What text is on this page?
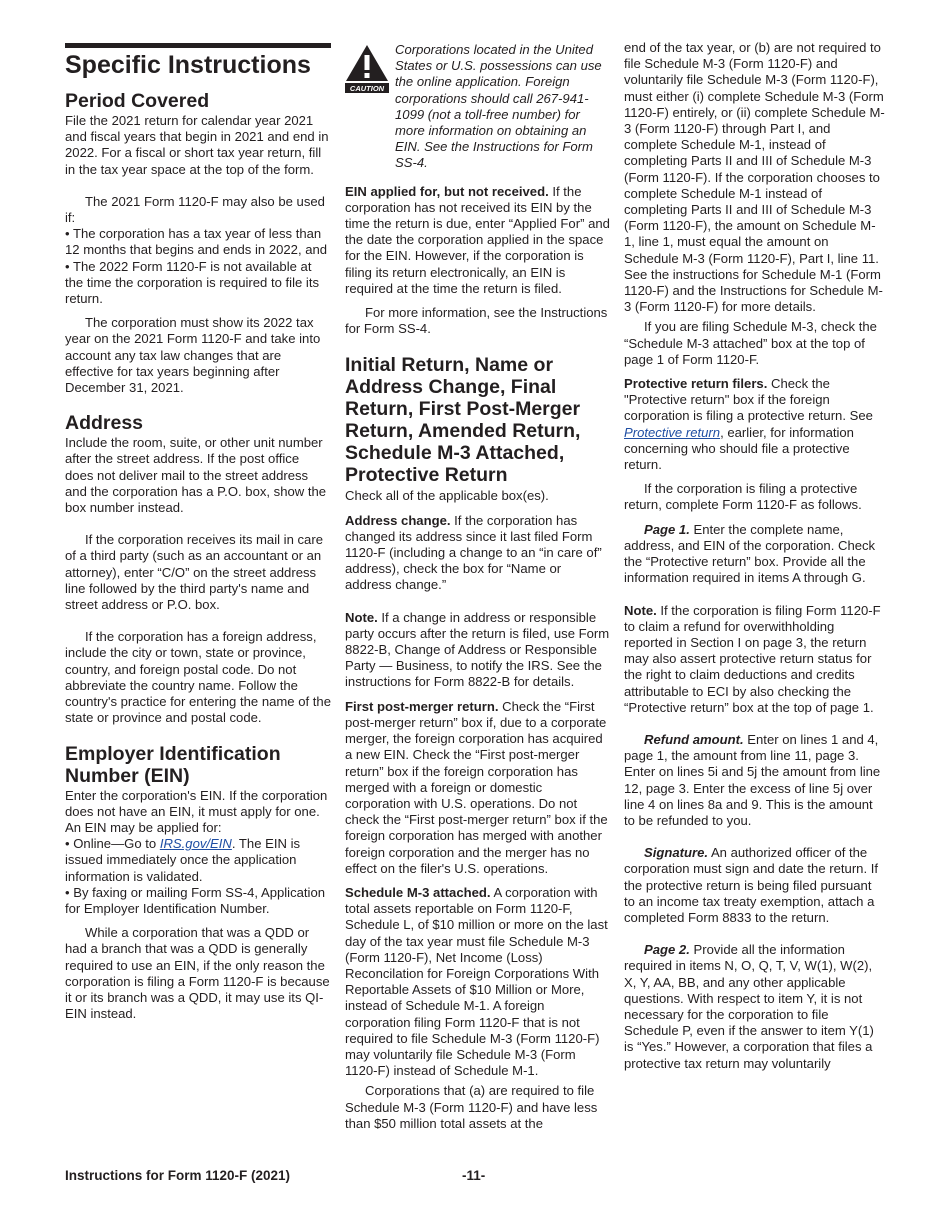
Specific Instructions
Period Covered

File the 2021 return for calendar year 2021 and fiscal years that begin in 2021 and end in 2022. For a fiscal or short tax year return, fill in the tax year space at the top of the form.

The 2021 Form 1120-F may also be used if:

• The corporation has a tax year of less than 12 months that begins and ends in 2022, and

• The 2022 Form 1120-F is not available at the time the corporation is required to file its return.

The corporation must show its 2022 tax year on the 2021 Form 1120-F and take into account any tax law changes that are effective for tax years beginning after December 31, 2021.

Address

Include the room, suite, or other unit number after the street address. If the post office does not deliver mail to the street address and the corporation has a P.O. box, show the box number instead.

If the corporation receives its mail in care of a third party (such as an accountant or an attorney), enter “C/O” on the street address line followed by the third party's name and street address or P.O. box.

If the corporation has a foreign address, include the city or town, state or province, country, and foreign postal code. Do not abbreviate the country name. Follow the country's practice for entering the name of the state or province and postal code.

Employer Identification Number (EIN)

Enter the corporation's EIN. If the corporation does not have an EIN, it must apply for one. An EIN may be applied for:

• Online—Go to IRS.gov/EIN. The EIN is issued immediately once the application information is validated.

• By faxing or mailing Form SS-4, Application for Employer Identification Number.

While a corporation that was a QDD or had a branch that was a QDD is generally required to use an EIN, if the only reason the corporation is filing a Form 1120-F is because it or its branch was a QDD, it may use its QI-EIN instead.

CAUTION
Corporations located in the United States or U.S. possessions can use the online application. Foreign corporations should call 267-941-1099 (not a toll-free number) for more information on obtaining an EIN. See the Instructions for Form SS-4.

EIN applied for, but not received. If the corporation has not received its EIN by the time the return is due, enter “Applied For” and the date the corporation applied in the space for the EIN. However, if the corporation is filing its return electronically, an EIN is required at the time the return is filed.

For more information, see the Instructions for Form SS-4.

Initial Return, Name or Address Change, Final Return, First Post-Merger Return, Amended Return, Schedule M-3 Attached, Protective Return

Check all of the applicable box(es).

Address change. If the corporation has changed its address since it last filed Form 1120-F (including a change to an “in care of” address), check the box for “Name or address change.”

Note. If a change in address or responsible party occurs after the return is filed, use Form 8822-B, Change of Address or Responsible Party — Business, to notify the IRS. See the instructions for Form 8822-B for details.

First post-merger return. Check the “First post-merger return” box if, due to a corporate merger, the foreign corporation has acquired a new EIN. Check the “First post-merger return” box if the foreign corporation has merged with a foreign or domestic corporation with U.S. operations. Do not check the “First post-merger return” box if the foreign corporation has merged with another foreign corporation and the merger has no effect on the filer's U.S. operations.

Schedule M-3 attached. A corporation with total assets reportable on Form 1120-F, Schedule L, of $10 million or more on the last day of the tax year must file Schedule M-3 (Form 1120-F), Net Income (Loss) Reconcilation for Foreign Corporations With Reportable Assets of $10 Million or More, instead of Schedule M-1. A foreign corporation filing Form 1120-F that is not required to file Schedule M-3 (Form 1120-F) may voluntarily file Schedule M-3 (Form 1120-F) instead of Schedule M-1.

Corporations that (a) are required to file Schedule M-3 (Form 1120-F) and have less than $50 million total assets at the

end of the tax year, or (b) are not required to file Schedule M-3 (Form 1120-F) and voluntarily file Schedule M-3 (Form 1120-F), must either (i) complete Schedule M-3 (Form 1120-F) entirely, or (ii) complete Schedule M-3 (Form 1120-F) through Part I, and complete Schedule M-1, instead of completing Parts II and III of Schedule M-3 (Form 1120-F). If the corporation chooses to complete Schedule M-1 instead of completing Parts II and III of Schedule M-3 (Form 1120-F), the amount on Schedule M-1, line 1, must equal the amount on Schedule M-3 (Form 1120-F), Part I, line 11. See the instructions for Schedule M-1 (Form 1120-F) and the Instructions for Schedule M-3 (Form 1120-F) for more details.

If you are filing Schedule M-3, check the “Schedule M-3 attached” box at the top of page 1 of Form 1120-F.

Protective return filers. Check the "Protective return" box if the foreign corporation is filing a protective return. See Protective return, earlier, for information concerning who should file a protective return.

If the corporation is filing a protective return, complete Form 1120-F as follows.

Page 1. Enter the complete name, address, and EIN of the corporation. Check the “Protective return” box. Provide all the information required in items A through G.

Note. If the corporation is filing Form 1120-F to claim a refund for overwithholding reported in Section I on page 3, the return may also assert protective return status for the right to claim deductions and credits attributable to ECI by also checking the “Protective return” box at the top of page 1.

Refund amount. Enter on lines 1 and 4, page 1, the amount from line 11, page 3. Enter on lines 5i and 5j the amount from line 12, page 3. Enter the excess of line 5j over line 4 on lines 8a and 9. This is the amount to be refunded to you.

Signature. An authorized officer of the corporation must sign and date the return. If the protective return is being filed pursuant to an income tax treaty exemption, attach a completed Form 8833 to the return.

Page 2. Provide all the information required in items N, O, Q, T, V, W(1), W(2), X, Y, AA, BB, and any other applicable questions. With respect to item Y, it is not necessary for the corporation to file Schedule P, even if the answer to item Y(1) is “Yes.” However, a corporation that files a protective tax return may voluntarily

Instructions for Form 1120-F (2021)	-11-
